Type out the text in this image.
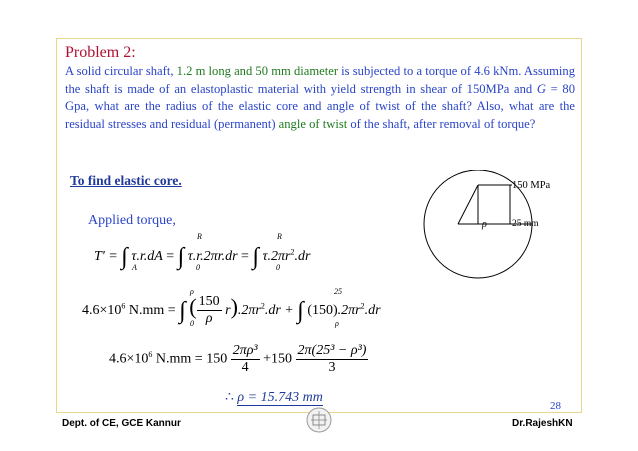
Problem 2:
A solid circular shaft, 1.2 m long and 50 mm diameter is subjected to a torque of 4.6 kNm. Assuming the shaft is made of an elastoplastic material with yield strength in shear of 150MPa and G = 80 Gpa, what are the radius of the elastic core and angle of twist of the shaft? Also, what are the residual stresses and residual (permanent) angle of twist of the shaft, after removal of torque?
To find elastic core.
Applied torque,
T' = ∫ τ.r.dA = ∫ τ.r.2πr.dr = ∫ $\tau.2\pi r^2.dr$
A
R
0
R
0
$4.6\times 10^6$ N.mm = ∫ ( $\frac{150}{\rho} r).2\pi r^2.dr$ + ∫ $(150).2\pi r^2.dr$
ρ
0
25
ρ
$4.6\times 10^6$ $N.mm = 150 \frac{\text{2πρ³}}{4} +150 \frac{\text{2π(25³ − ρ³)}}{3}$
∴ ρ = 15.743 mm
150 MPa
ρ	25 mm
28
Dept. of CE, GCE Kannur	Dr.RajeshKN
